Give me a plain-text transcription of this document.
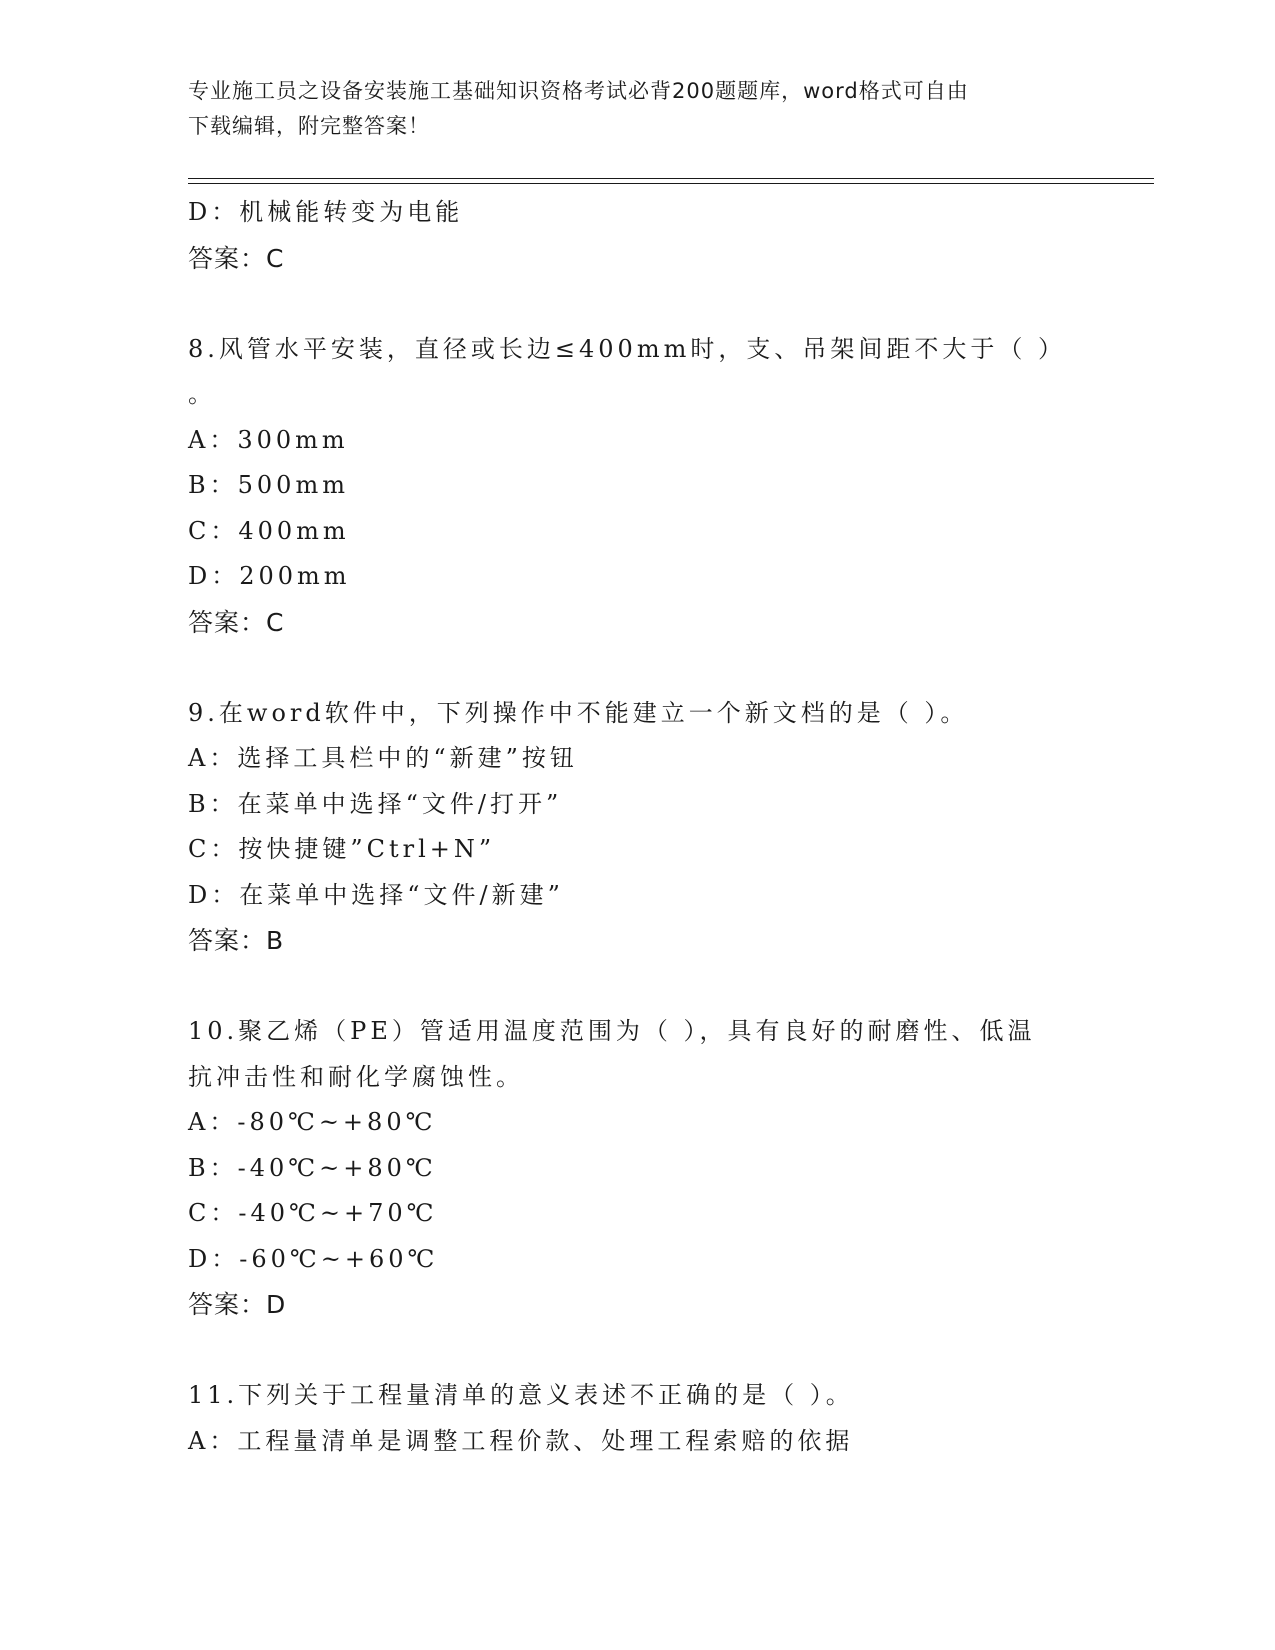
专业施工员之设备安装施工基础知识资格考试必背200题题库，word格式可自由
下载编辑，附完整答案！
D：机械能转变为电能
答案：C
8.风管水平安装，直径或长边≤400mm时，支、吊架间距不大于（ ）
。
A：300mm
B：500mm
C：400mm
D：200mm
答案：C
9.在word软件中，下列操作中不能建立一个新文档的是（ ）。
A：选择工具栏中的“新建”按钮
B：在菜单中选择“文件/打开”
C：按快捷键”Ctrl+N”
D：在菜单中选择“文件/新建”
答案：B
10.聚乙烯（PE）管适用温度范围为（ ），具有良好的耐磨性、低温
抗冲击性和耐化学腐蚀性。
A：-80℃~+80℃
B：-40℃~+80℃
C：-40℃~+70℃
D：-60℃~+60℃
答案：D
11.下列关于工程量清单的意义表述不正确的是（ ）。
A：工程量清单是调整工程价款、处理工程索赔的依据
